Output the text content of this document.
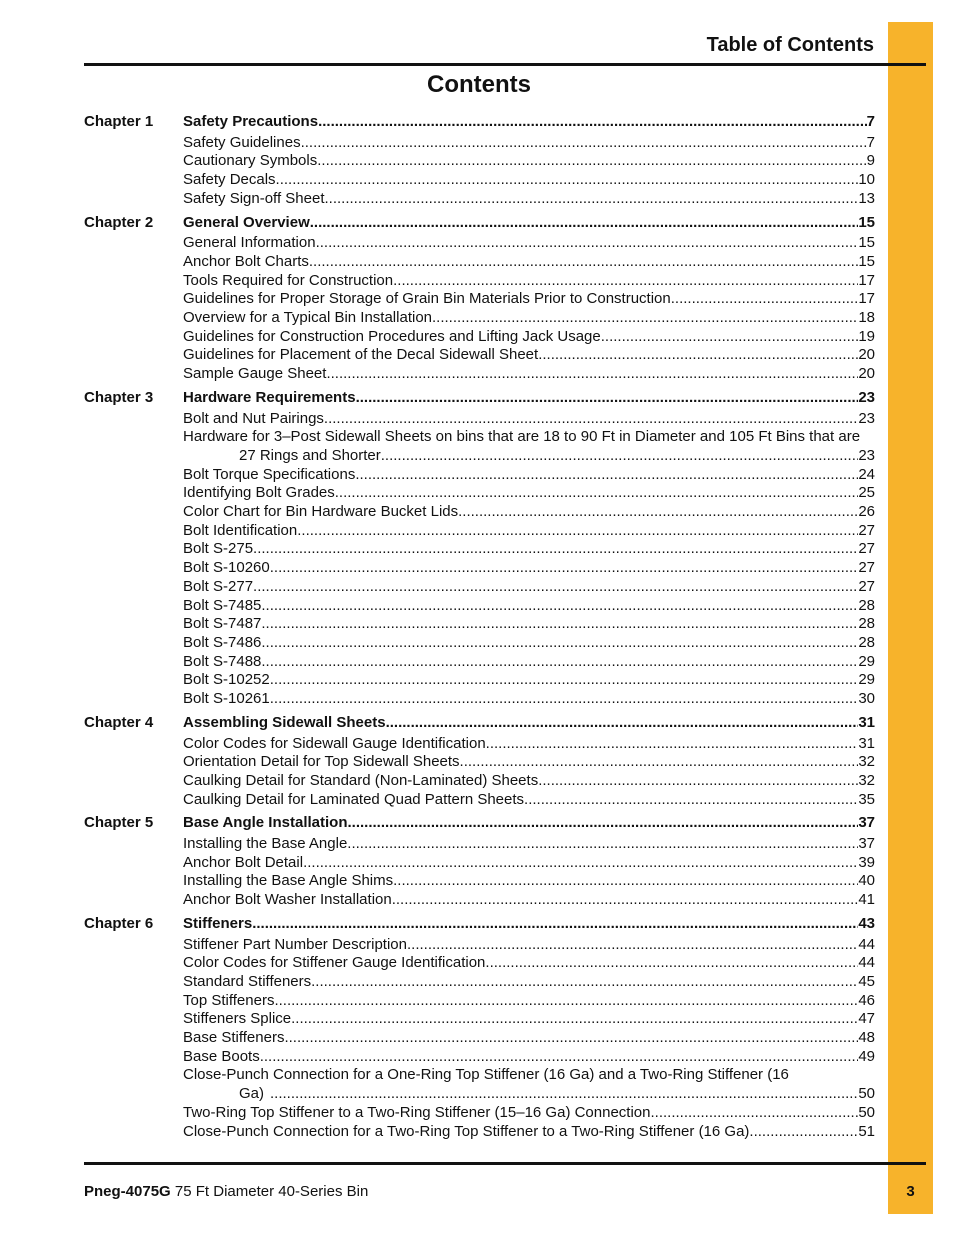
Table of Contents
Contents
Chapter 1	Safety Precautions .....	7
Safety Guidelines .....	7
Cautionary Symbols .....	9
Safety Decals .....	10
Safety Sign-off Sheet .....	13
Chapter 2	General Overview .....	15
General Information .....	15
Anchor Bolt Charts .....	15
Tools Required for Construction .....	17
Guidelines for Proper Storage of Grain Bin Materials Prior to Construction .....	17
Overview for a Typical Bin Installation .....	18
Guidelines for Construction Procedures and Lifting Jack Usage .....	19
Guidelines for Placement of the Decal Sidewall Sheet .....	20
Sample Gauge Sheet .....	20
Chapter 3	Hardware Requirements .....	23
Bolt and Nut Pairings .....	23
Hardware for 3–Post Sidewall Sheets on bins that are 18 to 90 Ft in Diameter and 105 Ft Bins that are
27 Rings and Shorter .....	23
Bolt Torque Specifications .....	24
Identifying Bolt Grades .....	25
Color Chart for Bin Hardware Bucket Lids .....	26
Bolt Identification .....	27
Bolt S-275 .....	27
Bolt S-10260 .....	27
Bolt S-277 .....	27
Bolt S-7485 .....	28
Bolt S-7487 .....	28
Bolt S-7486 .....	28
Bolt S-7488 .....	29
Bolt S-10252 .....	29
Bolt S-10261 .....	30
Chapter 4	Assembling Sidewall Sheets .....	31
Color Codes for Sidewall Gauge Identification .....	31
Orientation Detail for Top Sidewall Sheets .....	32
Caulking Detail for Standard (Non-Laminated) Sheets .....	32
Caulking Detail for Laminated Quad Pattern Sheets .....	35
Chapter 5	Base Angle Installation .....	37
Installing the Base Angle .....	37
Anchor Bolt Detail .....	39
Installing the Base Angle Shims .....	40
Anchor Bolt Washer Installation .....	41
Chapter 6	Stiffeners .....	43
Stiffener Part Number Description .....	44
Color Codes for Stiffener Gauge Identification .....	44
Standard Stiffeners .....	45
Top Stiffeners .....	46
Stiffeners Splice .....	47
Base Stiffeners .....	48
Base Boots .....	49
Close-Punch Connection for a One-Ring Top Stiffener (16 Ga) and a Two-Ring Stiffener (16
Ga) .....	50
Two-Ring Top Stiffener to a Two-Ring Stiffener (15–16 Ga) Connection .....	50
Close-Punch Connection for a Two-Ring Top Stiffener to a Two-Ring Stiffener (16 Ga) .....	51
Pneg-4075G 75 Ft Diameter 40-Series Bin	3
